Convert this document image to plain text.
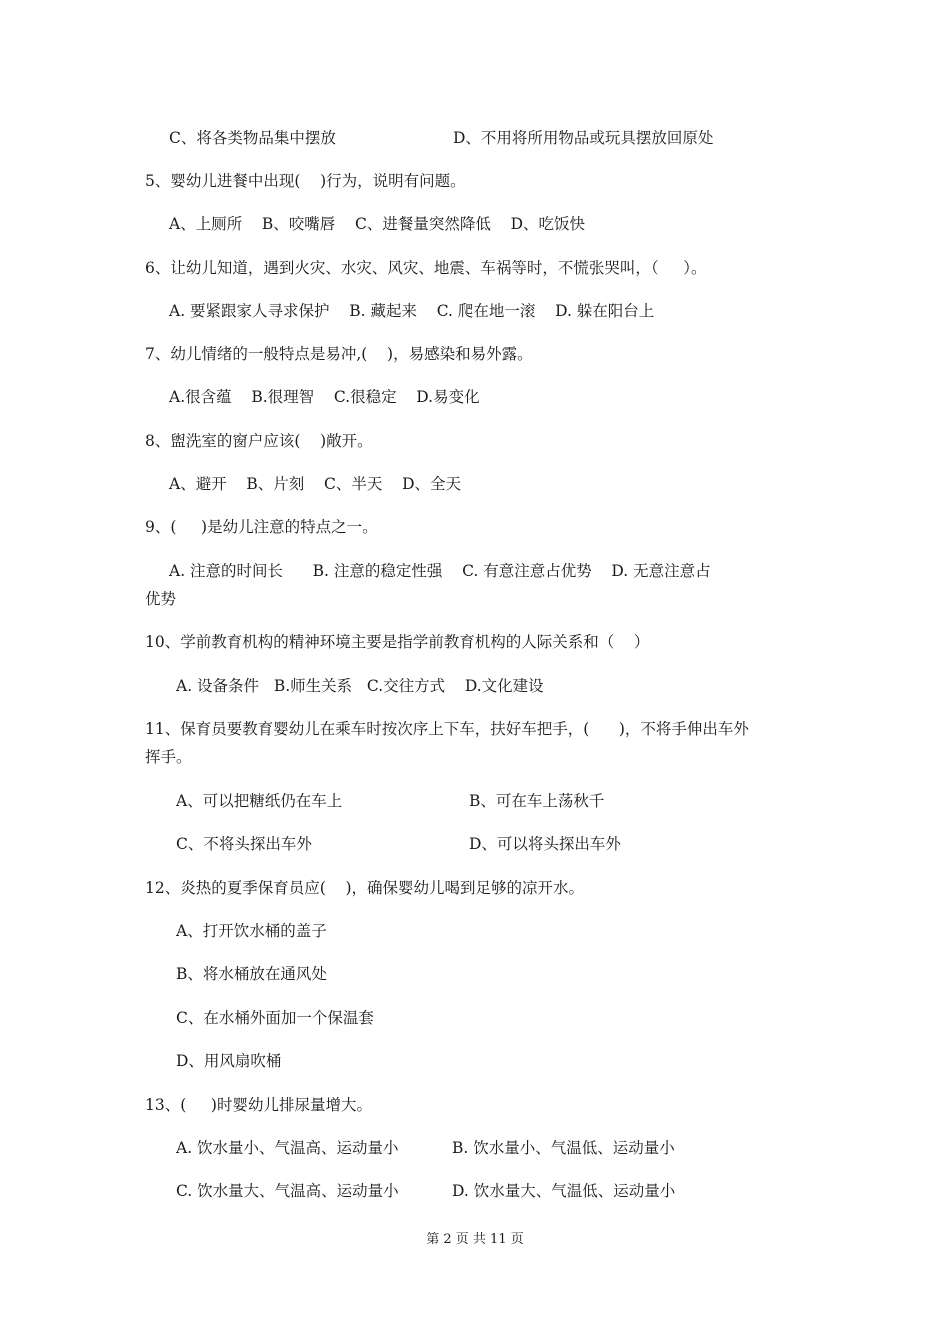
C、将各类物品集中摆放	D、不用将所用物品或玩具摆放回原处
5、婴幼儿进餐中出现(    )行为，说明有问题。
A、上厕所    B、咬嘴唇    C、进餐量突然降低    D、吃饭快
6、让幼儿知道，遇到火灾、水灾、风灾、地震、车祸等时，不慌张哭叫，（     ）。
A. 要紧跟家人寻求保护    B. 藏起来    C. 爬在地一滚    D. 躲在阳台上
7、幼儿情绪的一般特点是易冲,(    )，易感染和易外露。
A.很含蕴    B.很理智    C.很稳定    D.易变化
8、盥洗室的窗户应该(    )敞开。
A、避开    B、片刻    C、半天    D、全天
9、(     )是幼儿注意的特点之一。
A. 注意的时间长      B. 注意的稳定性强    C. 有意注意占优势    D. 无意注意占
优势
10、学前教育机构的精神环境主要是指学前教育机构的人际关系和（    ）
A. 设备条件   B.师生关系   C.交往方式    D.文化建设
11、保育员要教育婴幼儿在乘车时按次序上下车，扶好车把手，(      )，不将手伸出车外
挥手。
A、可以把糖纸仍在车上	B、可在车上荡秋千
C、不将头探出车外	D、可以将头探出车外
12、炎热的夏季保育员应(    )，确保婴幼儿喝到足够的凉开水。
A、打开饮水桶的盖子
B、将水桶放在通风处
C、在水桶外面加一个保温套
D、用风扇吹桶
13、(     )时婴幼儿排尿量增大。
A. 饮水量小、气温高、运动量小	B. 饮水量小、气温低、运动量小
C. 饮水量大、气温高、运动量小	D. 饮水量大、气温低、运动量小
第 2 页 共 11 页
